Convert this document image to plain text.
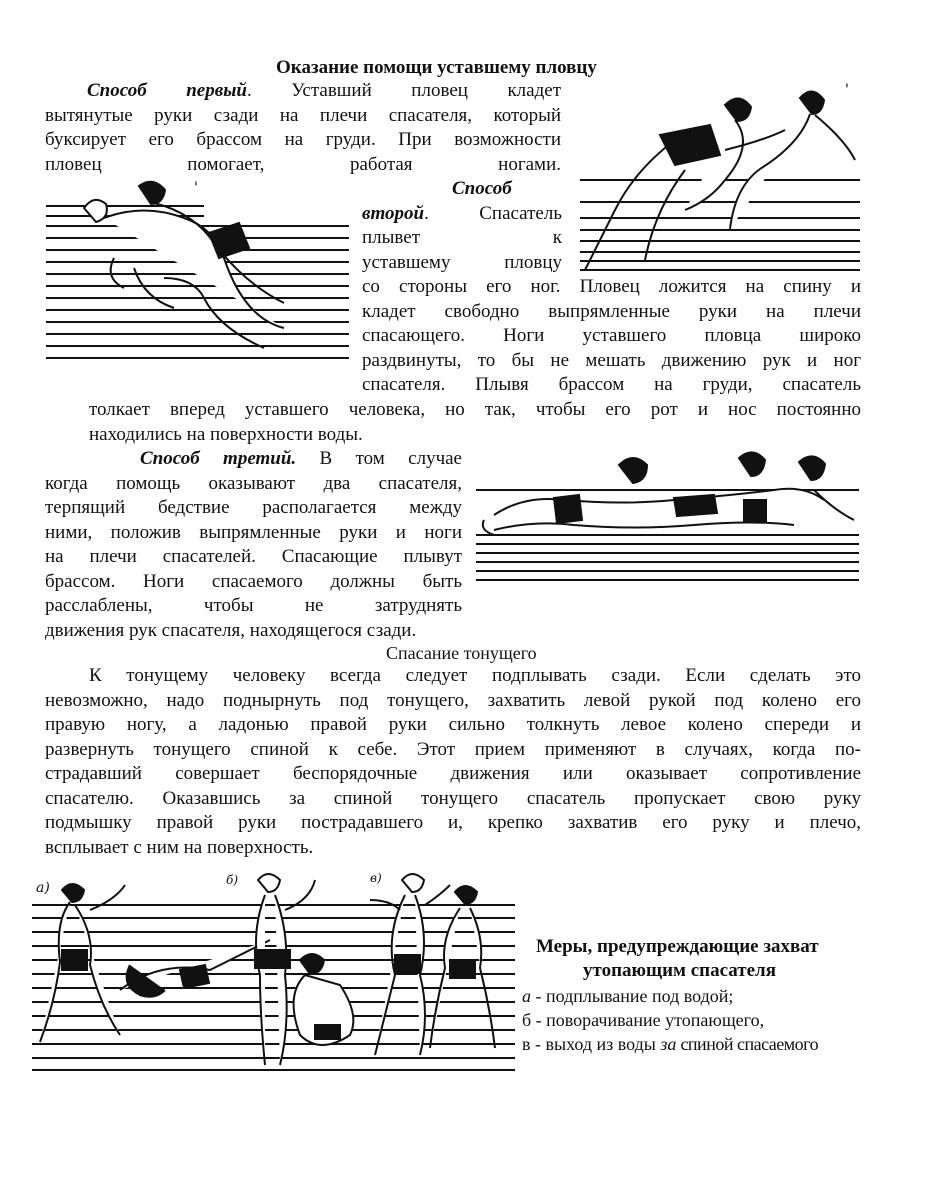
Оказание помощи уставшему пловцу
Способ первый. Уставший пловец кладет
вытянутые руки сзади на плечи спасателя, который
буксирует его брассом на груди. При возможности
пловец помогает, работая ногами.
Способ
второй. Спасатель
плывет к
уставшему пловцу
со стороны его ног. Пловец ложится на спину и
кладет свободно выпрямленные руки на плечи
спасающего. Ноги уставшего пловца широко
раздвинуты, то бы не мешать движению рук и ног
спасателя. Плывя брассом на груди, спасатель
толкает вперед уставшего человека, но так, чтобы его рот и нос постоянно
находились на поверхности воды.
Способ третий. В том случае
когда помощь оказывают два спасателя,
терпящий бедствие располагается между
ними, положив выпрямленные руки и ноги
на плечи спасателей. Спасающие плывут
брассом. Ноги спасаемого должны быть
расслаблены, чтобы не затруднять
движения рук спасателя, находящегося сзади.
Спасание тонущего
К тонущему человеку всегда следует подплывать сзади. Если сделать это
невозможно, надо поднырнуть под тонущего, захватить левой рукой под колено его
правую ногу, а ладонью правой руки сильно толкнуть левое колено спереди и
развернуть тонущего спиной к себе. Этот прием применяют в случаях, когда по-
страдавший совершает беспорядочные движения или оказывает сопротивление
спасателю. Оказавшись за спиной тонущего спасатель пропускает свою руку
подмышку правой руки пострадавшего и, крепко захватив его руку и плечо,
всплывает с ним на поверхность.
Меры, предупреждающие захват
утопающим спасателя
а - подплывание под водой;
б - поворачивание утопающего,
в - выход из воды за спиной спасаемого
'
'
а)	б)	в)
